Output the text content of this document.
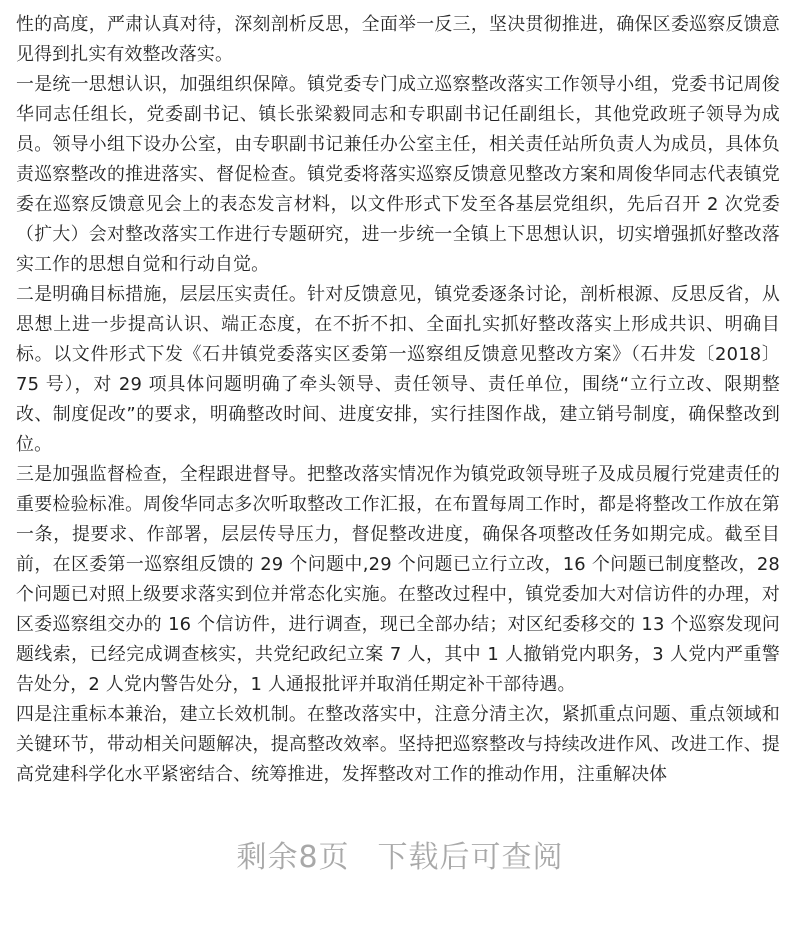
性的高度，严肃认真对待，深刻剖析反思，全面举一反三，坚决贯彻推进，确保区委巡察反馈意见得到扎实有效整改落实。

一是统一思想认识，加强组织保障。镇党委专门成立巡察整改落实工作领导小组，党委书记周俊华同志任组长，党委副书记、镇长张梁毅同志和专职副书记任副组长，其他党政班子领导为成员。领导小组下设办公室，由专职副书记兼任办公室主任，相关责任站所负责人为成员，具体负责巡察整改的推进落实、督促检查。镇党委将落实巡察反馈意见整改方案和周俊华同志代表镇党委在巡察反馈意见会上的表态发言材料，以文件形式下发至各基层党组织，先后召开 2 次党委（扩大）会对整改落实工作进行专题研究，进一步统一全镇上下思想认识，切实增强抓好整改落实工作的思想自觉和行动自觉。

二是明确目标措施，层层压实责任。针对反馈意见，镇党委逐条讨论，剖析根源、反思反省，从思想上进一步提高认识、端正态度，在不折不扣、全面扎实抓好整改落实上形成共识、明确目标。以文件形式下发《石井镇党委落实区委第一巡察组反馈意见整改方案》（石井发〔2018〕75 号），对 29 项具体问题明确了牵头领导、责任领导、责任单位，围绕“立行立改、限期整改、制度促改”的要求，明确整改时间、进度安排，实行挂图作战，建立销号制度，确保整改到位。

三是加强监督检查，全程跟进督导。把整改落实情况作为镇党政领导班子及成员履行党建责任的重要检验标准。周俊华同志多次听取整改工作汇报，在布置每周工作时，都是将整改工作放在第一条，提要求、作部署，层层传导压力，督促整改进度，确保各项整改任务如期完成。截至目前，在区委第一巡察组反馈的 29 个问题中,29 个问题已立行立改，16 个问题已制度整改，28 个问题已对照上级要求落实到位并常态化实施。在整改过程中，镇党委加大对信访件的办理，对区委巡察组交办的 16 个信访件，进行调查，现已全部办结；对区纪委移交的 13 个巡察发现问题线索，已经完成调查核实，共党纪政纪立案 7 人，其中 1 人撤销党内职务，3 人党内严重警告处分，2 人党内警告处分，1 人通报批评并取消任期定补干部待遇。

四是注重标本兼治，建立长效机制。在整改落实中，注意分清主次，紧抓重点问题、重点领域和关键环节，带动相关问题解决，提高整改效率。坚持把巡察整改与持续改进作风、改进工作、提高党建科学化水平紧密结合、统筹推进，发挥整改对工作的推动作用，注重解决体

剩余8页 下载后可查阅
